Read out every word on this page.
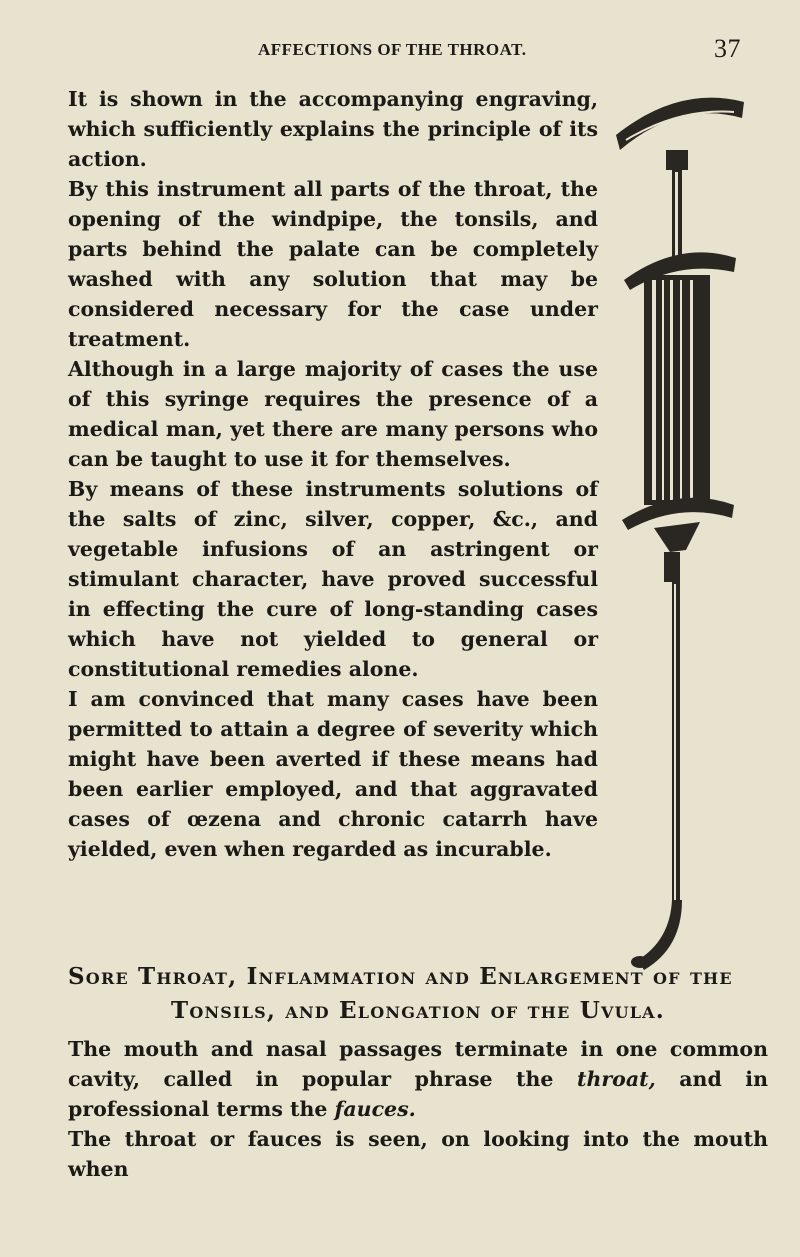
AFFECTIONS OF THE THROAT.	37

It is shown in the accompanying engraving, which sufficiently explains the principle of its action.

By this instrument all parts of the throat, the opening of the windpipe, the tonsils, and parts behind the palate can be completely washed with any solution that may be considered necessary for the case under treatment.

Although in a large majority of cases the use of this syringe requires the presence of a medical man, yet there are many persons who can be taught to use it for themselves.

By means of these instruments solutions of the salts of zinc, silver, copper, &c., and vegetable infusions of an astringent or stimulant character, have proved successful in effecting the cure of long-standing cases which have not yielded to general or constitutional remedies alone.

I am convinced that many cases have been permitted to attain a degree of severity which might have been averted if these means had been earlier employed, and that aggravated cases of œzena and chronic catarrh have yielded, even when regarded as incurable.

Sore Throat, Inflammation and Enlargement of the
Tonsils, and Elongation of the Uvula.

The mouth and nasal passages terminate in one common cavity, called in popular phrase the throat, and in professional terms the fauces.

The throat or fauces is seen, on looking into the mouth when
